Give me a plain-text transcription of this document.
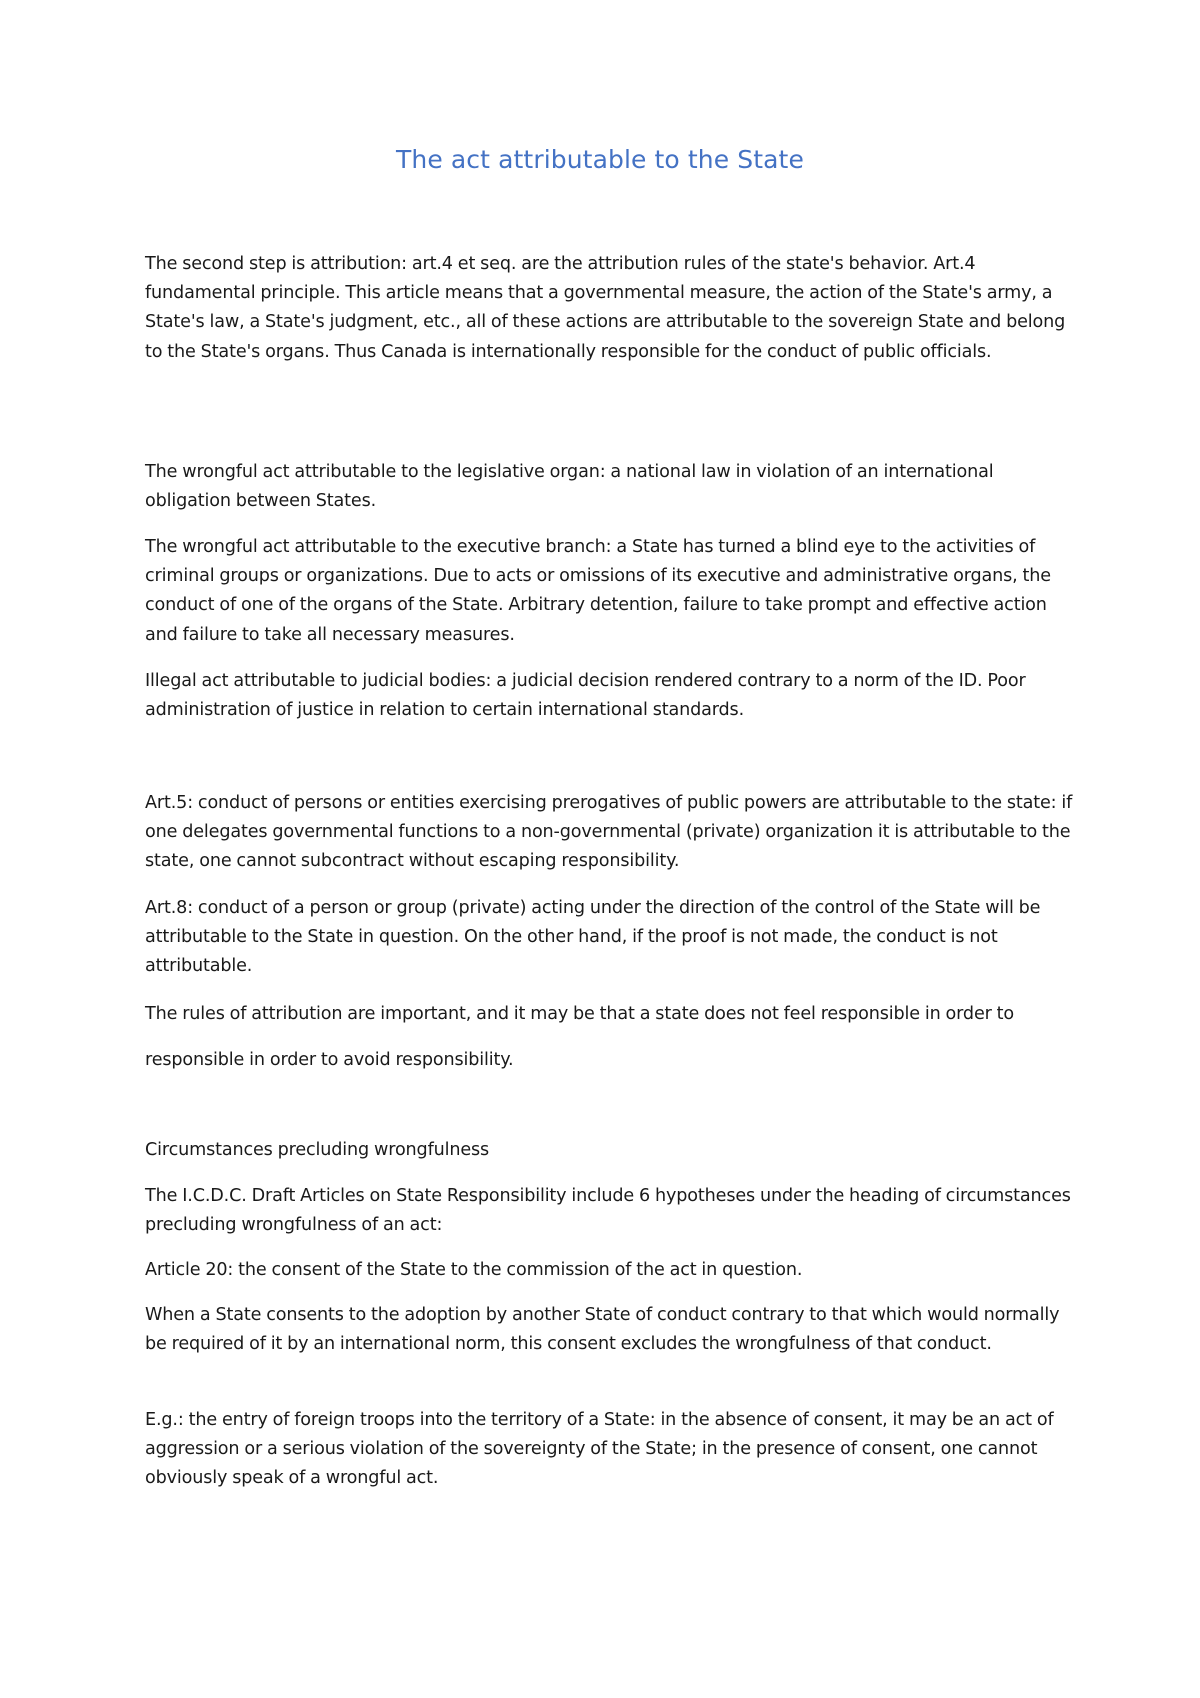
The act attributable to the State

The second step is attribution: art.4 et seq. are the attribution rules of the state's behavior. Art.4 fundamental principle. This article means that a governmental measure, the action of the State's army, a State's law, a State's judgment, etc., all of these actions are attributable to the sovereign State and belong to the State's organs. Thus Canada is internationally responsible for the conduct of public officials.

The wrongful act attributable to the legislative organ: a national law in violation of an international obligation between States.

The wrongful act attributable to the executive branch: a State has turned a blind eye to the activities of criminal groups or organizations. Due to acts or omissions of its executive and administrative organs, the conduct of one of the organs of the State. Arbitrary detention, failure to take prompt and effective action and failure to take all necessary measures.

Illegal act attributable to judicial bodies: a judicial decision rendered contrary to a norm of the ID. Poor administration of justice in relation to certain international standards.

Art.5: conduct of persons or entities exercising prerogatives of public powers are attributable to the state: if one delegates governmental functions to a non-governmental (private) organization it is attributable to the state, one cannot subcontract without escaping responsibility.

Art.8: conduct of a person or group (private) acting under the direction of the control of the State will be attributable to the State in question. On the other hand, if the proof is not made, the conduct is not attributable.

The rules of attribution are important, and it may be that a state does not feel responsible in order to

responsible in order to avoid responsibility.

Circumstances precluding wrongfulness

The I.C.D.C. Draft Articles on State Responsibility include 6 hypotheses under the heading of circumstances precluding wrongfulness of an act:

Article 20: the consent of the State to the commission of the act in question.

When a State consents to the adoption by another State of conduct contrary to that which would normally be required of it by an international norm, this consent excludes the wrongfulness of that conduct.

E.g.: the entry of foreign troops into the territory of a State: in the absence of consent, it may be an act of aggression or a serious violation of the sovereignty of the State; in the presence of consent, one cannot obviously speak of a wrongful act.
